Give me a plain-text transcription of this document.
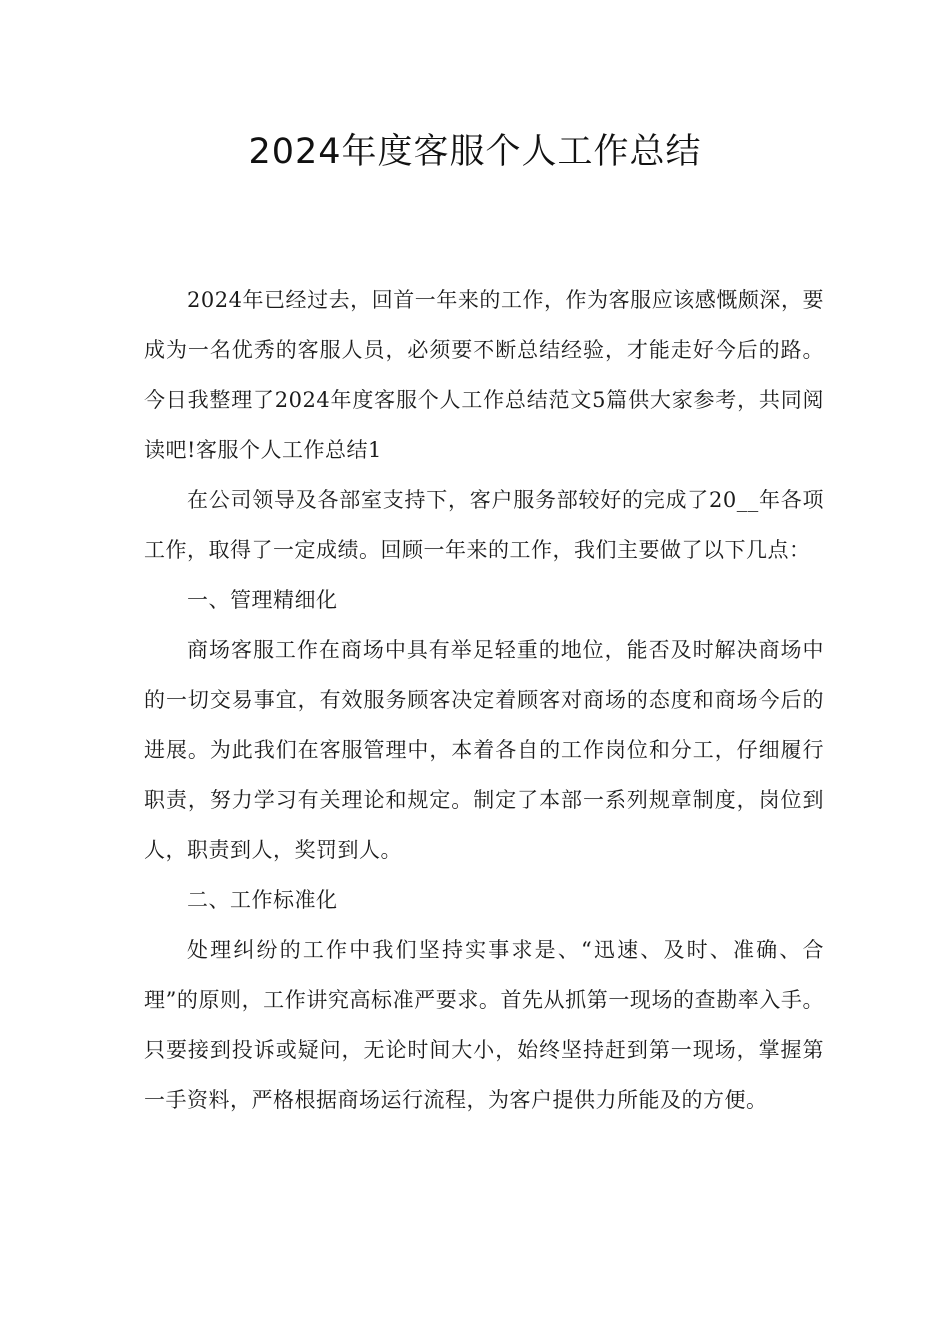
2024年度客服个人工作总结

2024年已经过去，回首一年来的工作，作为客服应该感慨颇深，要成为一名优秀的客服人员，必须要不断总结经验，才能走好今后的路。今日我整理了2024年度客服个人工作总结范文5篇供大家参考，共同阅读吧!客服个人工作总结1

在公司领导及各部室支持下，客户服务部较好的完成了20__年各项工作，取得了一定成绩。回顾一年来的工作，我们主要做了以下几点：

一、管理精细化

商场客服工作在商场中具有举足轻重的地位，能否及时解决商场中的一切交易事宜，有效服务顾客决定着顾客对商场的态度和商场今后的进展。为此我们在客服管理中，本着各自的工作岗位和分工，仔细履行职责，努力学习有关理论和规定。制定了本部一系列规章制度，岗位到人，职责到人，奖罚到人。

二、工作标准化

处理纠纷的工作中我们坚持实事求是、“迅速、及时、准确、合理”的原则，工作讲究高标准严要求。首先从抓第一现场的查勘率入手。只要接到投诉或疑问，无论时间大小，始终坚持赶到第一现场，掌握第一手资料，严格根据商场运行流程，为客户提供力所能及的方便。
